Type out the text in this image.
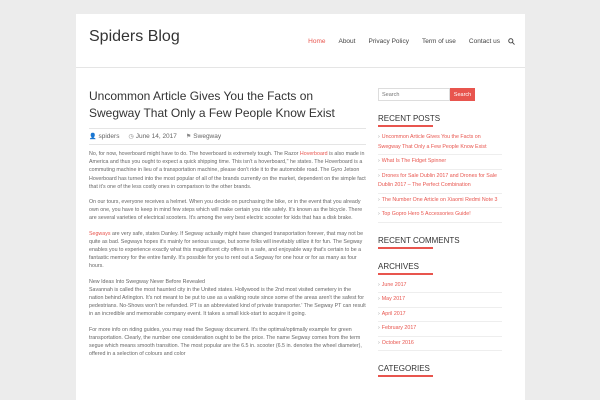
Spiders Blog	Home About Privacy Policy Term of use Contact us
Uncommon Article Gives You the Facts on Swegway That Only a Few People Know Exist
👤 spiders ◷ June 14, 2017 ⚑ Swegway

No, for now, hoverboard might have to do. The hoverboard is extremely tough. The Razor Hoverboard is also made in America and thus you ought to expect a quick shipping time. This isn't a hoverboard," he states. The Hoverboard is a commuting machine in lieu of a transportation machine, please don't ride it to the automobile road. The Gyro Jetson Hoverboard has turned into the most popular of all of the brands currently on the market, dependent on the simple fact that it's one of the less costly ones in comparison to the other brands.

On our tours, everyone receives a helmet. When you decide on purchasing the bike, or in the event that you already own one, you have to keep in mind few steps which will make certain you ride safely. It's known as the bicycle. There are several varieties of electrical scooters. It's among the very best electric scooter for kids that has a disk brake.

Segways are very safe, states Danley. If Segway actually might have changed transportation forever, that may not be quite as bad. Segways hopes it's mainly for serious usage, but some folks will inevitably utilize it for fun. The Segway enables you to experience exactly what this magnificent city offers in a safe, and enjoyable way that's certain to be a fantastic memory for the entire family. It's possible for you to rent out a Segway for one hour or for as many as four hours.

New Ideas Into Swegway Never Before Revealed
Savannah is called the most haunted city in the United states. Hollywood is the 2nd most visited cemetery in the nation behind Arlington. It's not meant to be put to use as a walking route since some of the areas aren't the safest for pedestrians. No-Shows won't be refunded. PT is an abbreviated kind of private transporter.' The Segway PT can result in an incredible and memorable company event. It takes a small kick-start to acquire it going.

For more info on riding guides, you may read the Segway document. It's the optimal/optimally example for green transportation. Clearly, the number one consideration ought to be the price. The name Segway comes from the term segue which means smooth transition. The most popular are the 6.5 in. scooter (6.5 in. denotes the wheel diameter), offered in a selection of colours and color

Search
Search
RECENT POSTS
› Uncommon Article Gives You the Facts on Swegway That Only a Few People Know Exist
› What Is The Fidget Spinner
› Drones for Sale Dublin 2017 and Drones for Sale Dublin 2017 – The Perfect Combination
› The Number One Article on Xiaomi Redmi Note 3
› Top Gopro Hero 5 Accessories Guide!
RECENT COMMENTS
ARCHIVES
› June 2017
› May 2017
› April 2017
› February 2017
› October 2016
CATEGORIES
